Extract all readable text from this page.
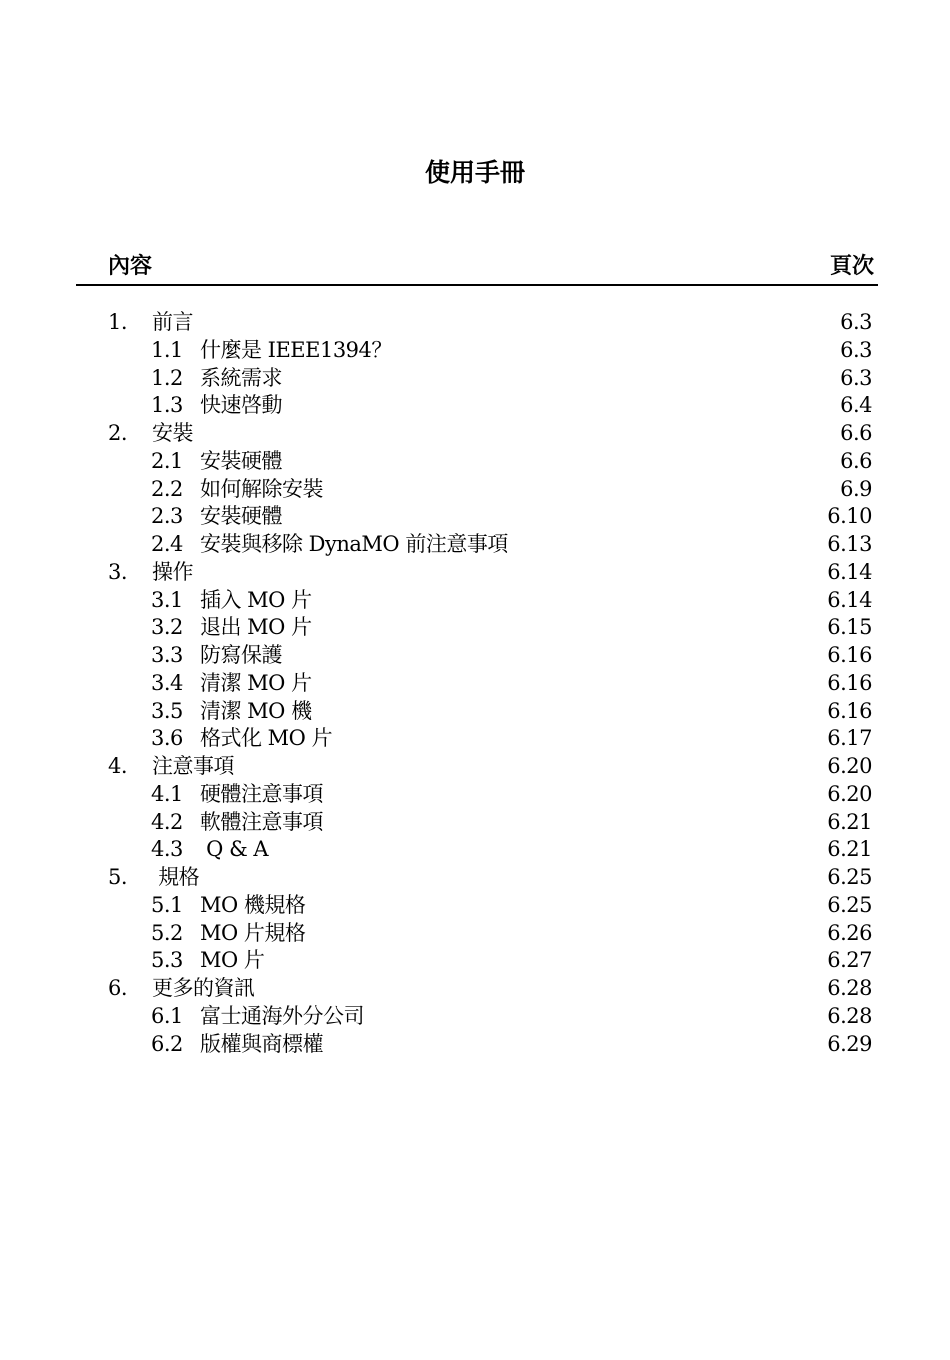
使用手冊
內容	頁次
1. 前言	6.3
1.1 什麼是 IEEE1394？	6.3
1.2 系統需求	6.3
1.3 快速啓動	6.4
2. 安裝	6.6
2.1 安裝硬體	6.6
2.2 如何解除安裝	6.9
2.3 安裝硬體	6.10
2.4 安裝與移除 DynaMO 前注意事項	6.13
3. 操作	6.14
3.1 插入 MO 片	6.14
3.2 退出 MO 片	6.15
3.3 防寫保護	6.16
3.4 清潔 MO 片	6.16
3.5 清潔 MO 機	6.16
3.6 格式化 MO 片	6.17
4. 注意事項	6.20
4.1 硬體注意事項	6.20
4.2 軟體注意事項	6.21
4.3 Q & A	6.21
5. 規格	6.25
5.1 MO 機規格	6.25
5.2 MO 片規格	6.26
5.3 MO 片	6.27
6. 更多的資訊	6.28
6.1 富士通海外分公司	6.28
6.2 版權與商標權	6.29
